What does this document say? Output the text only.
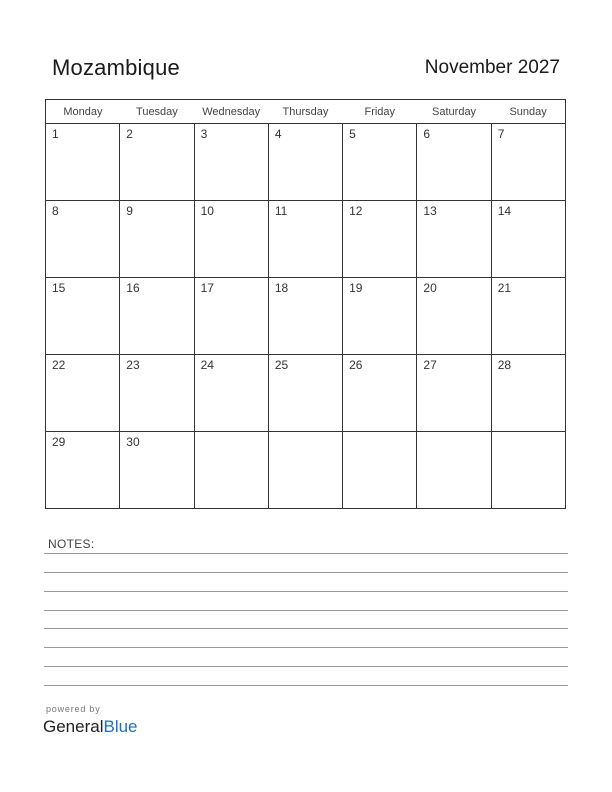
Mozambique	November 2027
Monday	Tuesday	Wednesday	Thursday	Friday	Saturday	Sunday

1	2	3	4	5	6	7

8	9	10	11	12	13	14

15	16	17	18	19	20	21

22	23	24	25	26	27	28

29	30					

NOTES:
powered by
GeneralBlue
